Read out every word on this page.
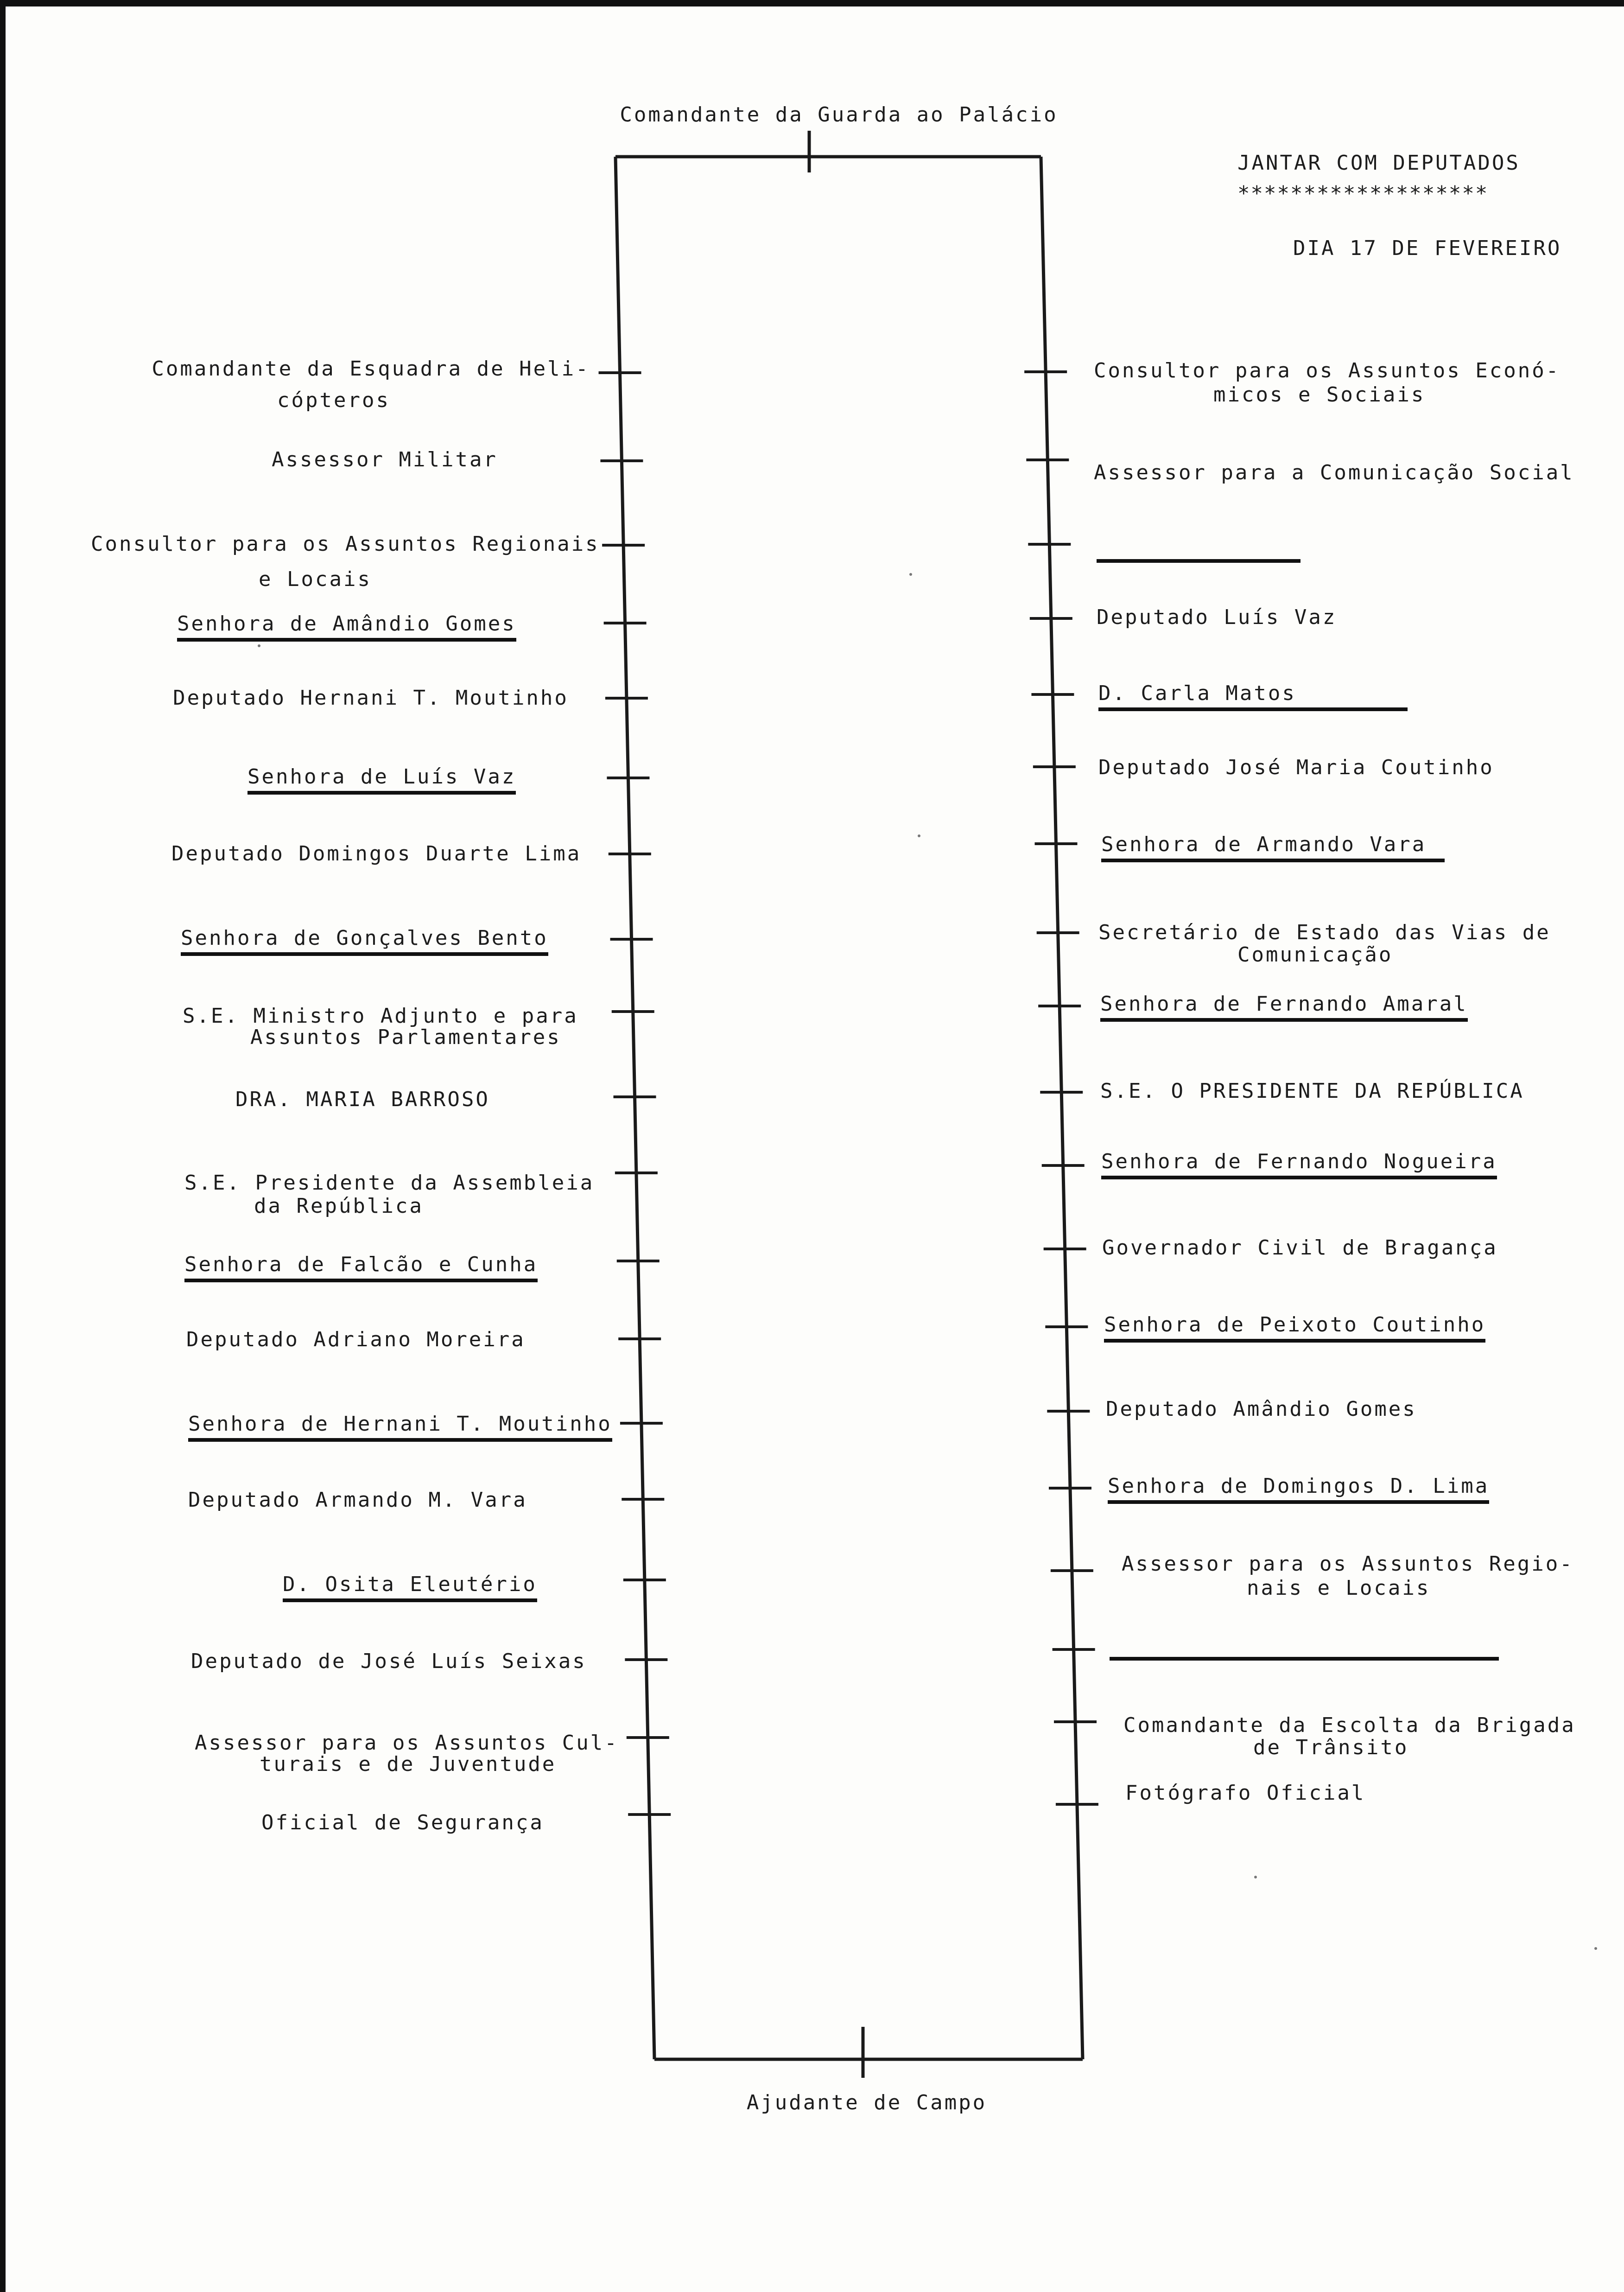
JANTAR COM DEPUTADOS
*******************
DIA 17 DE FEVEREIRO
Comandante da Guarda ao Palácio
Ajudante de Campo
Comandante da Esquadra de Heli-
cópteros
Assessor Militar
Consultor para os Assuntos Regionais
e Locais
Senhora de Amândio Gomes
Deputado Hernani T. Moutinho
Senhora de Luís Vaz
Deputado Domingos Duarte Lima
Senhora de Gonçalves Bento
S.E. Ministro Adjunto e para
Assuntos Parlamentares
DRA. MARIA BARROSO
S.E. Presidente da Assembleia
da República
Senhora de Falcão e Cunha
Deputado Adriano Moreira
Senhora de Hernani T. Moutinho
Deputado Armando M. Vara
D. Osita Eleutério
Deputado de José Luís Seixas
Assessor para os Assuntos Cul-
turais e de Juventude
Oficial de Segurança
Consultor para os Assuntos Econó-
micos e Sociais
Assessor para a Comunicação Social
Deputado Luís Vaz
D. Carla Matos
Deputado José Maria Coutinho
Senhora de Armando Vara
Secretário de Estado das Vias de
Comunicação
Senhora de Fernando Amaral
S.E. O PRESIDENTE DA REPÚBLICA
Senhora de Fernando Nogueira
Governador Civil de Bragança
Senhora de Peixoto Coutinho
Deputado Amândio Gomes
Senhora de Domingos D. Lima
Assessor para os Assuntos Regio-
nais e Locais
Comandante da Escolta da Brigada
de Trânsito
Fotógrafo Oficial
